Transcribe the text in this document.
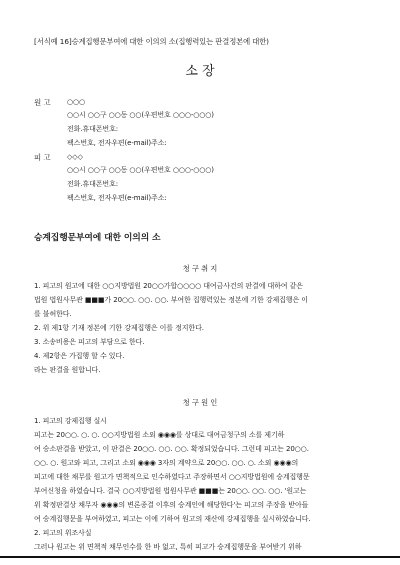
[서식예 16]승계집행문부여에 대한 이의의 소(집행력있는 판결정본에 대한)
소 장
원 고 ○○○
○○시 ○○구 ○○동 ○○(우편번호 ○○○-○○○)
전화.휴대폰번호:
팩스번호, 전자우편(e-mail)주소:
피 고 ◇◇◇
○○시 ○○구 ○○동 ○○(우편번호 ○○○-○○○)
전화.휴대폰번호:
팩스번호, 전자우편(e-mail)주소:
승계집행문부여에 대한 이의의 소
청 구 취 지
1. 피고의 원고에 대한 ○○지방법원 20○○가합○○○○ 대여금사건의 판결에 대하여 같은
법원 법원사무관 ■■■가 20○○. ○○. ○○. 부여한 집행력있는 정본에 기한 강제집행은 이
를 불허한다.
2. 위 제1항 기재 정본에 기한 강제집행은 이를 정지한다.
3. 소송비용은 피고의 부담으로 한다.
4. 제2항은 가집행 할 수 있다.
라는 판결을 원합니다.
청 구 원 인
1. 피고의 강제집행 실시
피고는 20○○. ○. ○. ○○지방법원 소외 ◉◉◉를 상대로 대여금청구의 소를 제기하
여 승소판결을 받았고, 이 판결은 20○○. ○○. ○○. 확정되었습니다. 그런데 피고는 20○○.
○○. ○. 원고와 피고, 그리고 소외 ◉◉◉ 3자의 계약으로 20○○. ○○. ○. 소외 ◉◉◉의
피고에 대한 채무를 원고가 면책적으로 인수하였다고 주장하면서 ○○지방법원에 승계집행문
부여신청을 하였습니다. 결국 ○○지방법원 법원사무관 ■■■는 20○○. ○○. ○○. '원고는
위 확정판결상 채무자 ◉◉◉의 변론종결 이후의 승계인에 해당한다'는 피고의 주장을 받아들
여 승계집행문을 부여하였고, 피고는 이에 기하여 원고의 재산에 강제집행을 실시하였습니다.
2. 피고의 위조사실
그러나 원고는 위 면책적 채무인수를 한 바 없고, 특히 피고가 승계집행문을 부여받기 위하
